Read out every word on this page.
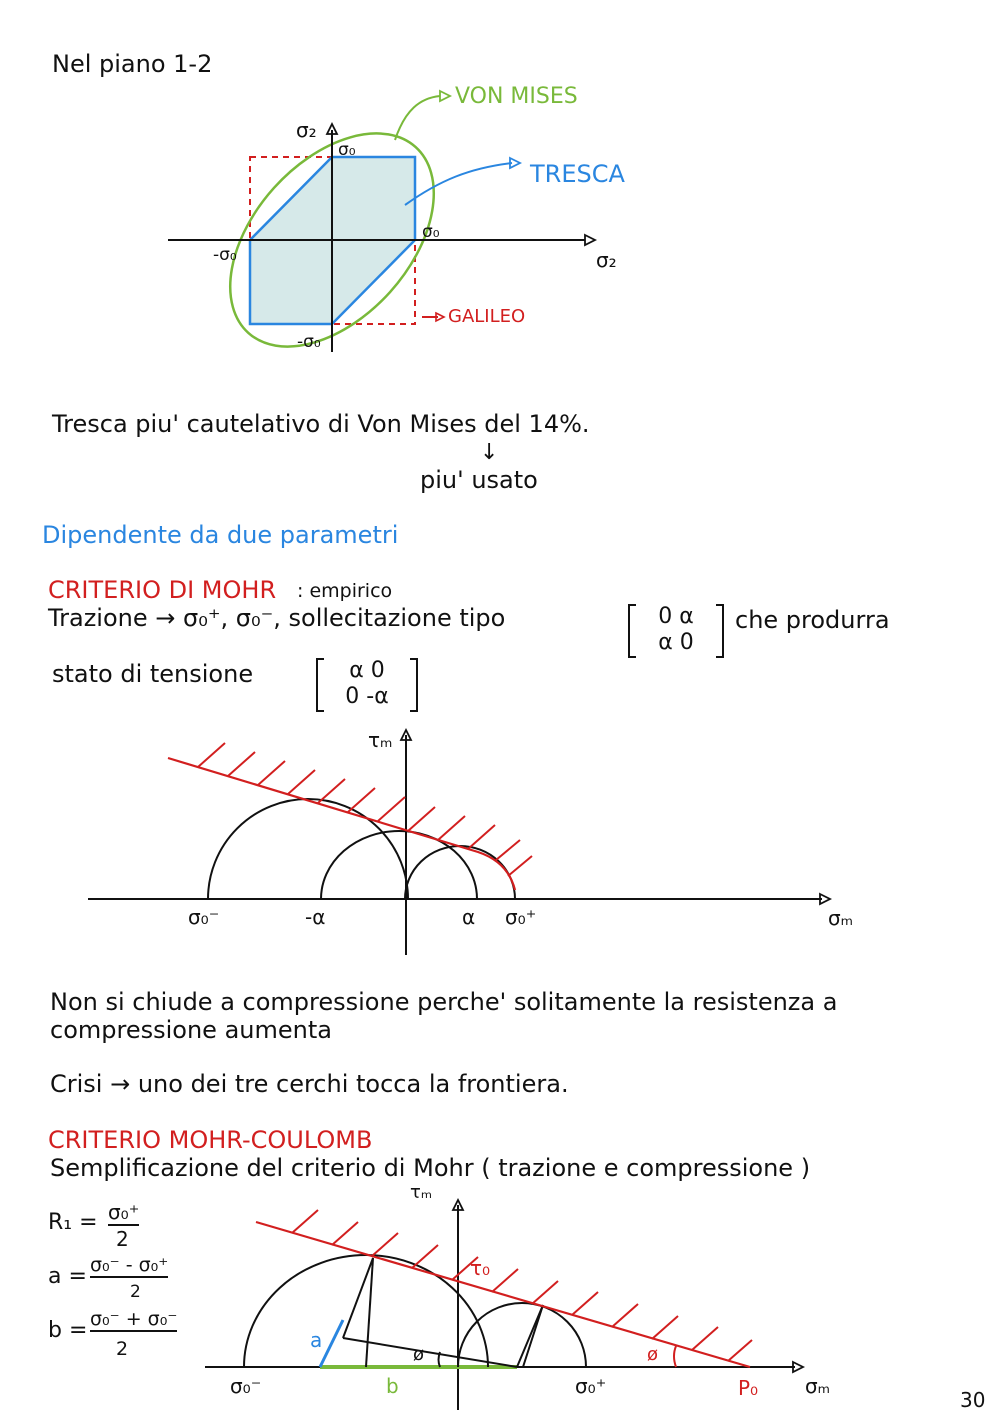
Nel piano 1-2
VON MISES
TRESCA
GALILEO
σ₂
σ₂
σ₀
σ₀
-σ₀
-σ₀
Tresca piu' cautelativo di Von Mises del 14%.
↓
piu' usato
Dipendente da due parametri
CRITERIO DI MOHR : empirico
Trazione → σ₀⁺, σ₀⁻, sollecitazione tipo	0 α
α 0
che produrra
stato di tensione	α 0
0 -α
τₘ
σₘ
σ₀⁻	-α	α σ₀⁺
Non si chiude a compressione perche' solitamente la resistenza a
compressione aumenta
Crisi → uno dei tre cerchi tocca la frontiera.
CRITERIO MOHR-COULOMB
Semplificazione del criterio di Mohr ( trazione e compressione )
R₁ = σ₀⁺
2
a = σ₀⁻ - σ₀⁺
2
b = σ₀⁻ + σ₀⁻
2
τₘ
σₘ
τ₀
ø	ø
a
b
σ₀⁻	σ₀⁺	P₀	30
